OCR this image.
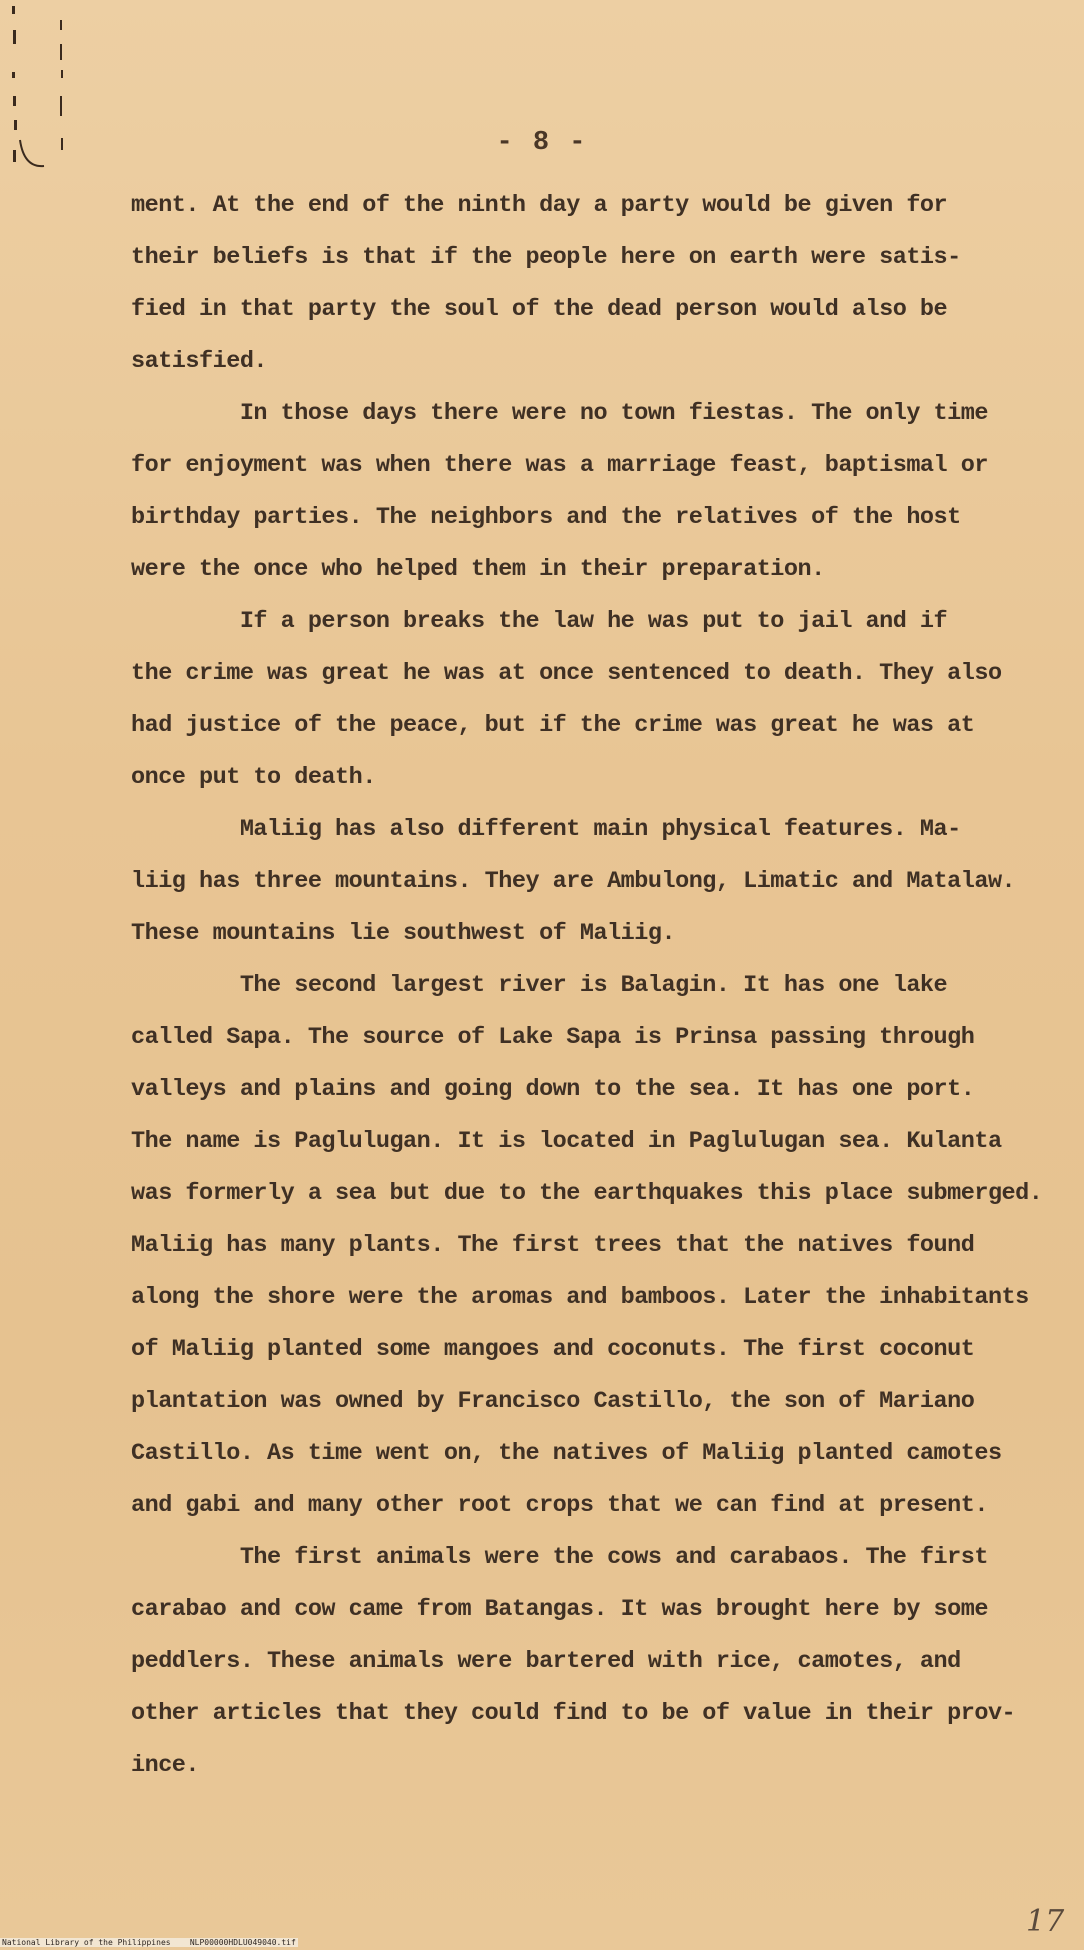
- 8 -
ment. At the end of the ninth day a party would be given for
their beliefs is that if the people here on earth were satis-
fied in that party the soul of the dead person would also be
satisfied.
In those days there were no town fiestas. The only time
for enjoyment was when there was a marriage feast, baptismal or
birthday parties. The neighbors and the relatives of the host
were the once who helped them in their preparation.
If a person breaks the law he was put to jail and if
the crime was great he was at once sentenced to death. They also
had justice of the peace, but if the crime was great he was at
once put to death.
Maliig has also different main physical features. Ma-
liig has three mountains. They are Ambulong, Limatic and Matalaw.
These mountains lie southwest of Maliig.
The second largest river is Balagin. It has one lake
called Sapa. The source of Lake Sapa is Prinsa passing through
valleys and plains and going down to the sea. It has one port.
The name is Paglulugan. It is located in Paglulugan sea. Kulanta
was formerly a sea but due to the earthquakes this place submerged.
Maliig has many plants. The first trees that the natives found
along the shore were the aromas and bamboos. Later the inhabitants
of Maliig planted some mangoes and coconuts. The first coconut
plantation was owned by Francisco Castillo, the son of Mariano
Castillo. As time went on, the natives of Maliig planted camotes
and gabi and many other root crops that we can find at present.
The first animals were the cows and carabaos. The first
carabao and cow came from Batangas. It was brought here by some
peddlers. These animals were bartered with rice, camotes, and
other articles that they could find to be of value in their prov-
ince.
17
National Library of the Philippines    NLP00000HDLU049040.tif
